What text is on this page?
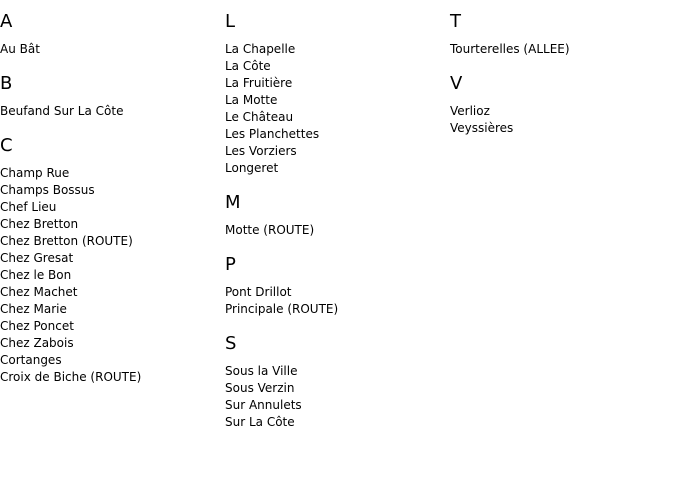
A
Au Bât
B
Beufand Sur La Côte
C
Champ Rue
Champs Bossus
Chef Lieu
Chez Bretton
Chez Bretton (ROUTE)
Chez Gresat
Chez le Bon
Chez Machet
Chez Marie
Chez Poncet
Chez Zabois
Cortanges
Croix de Biche (ROUTE)
L
La Chapelle
La Côte
La Fruitière
La Motte
Le Château
Les Planchettes
Les Vorziers
Longeret
M
Motte (ROUTE)
P
Pont Drillot
Principale (ROUTE)
S
Sous la Ville
Sous Verzin
Sur Annulets
Sur La Côte
T
Tourterelles (ALLEE)
V
Verlioz
Veyssières
